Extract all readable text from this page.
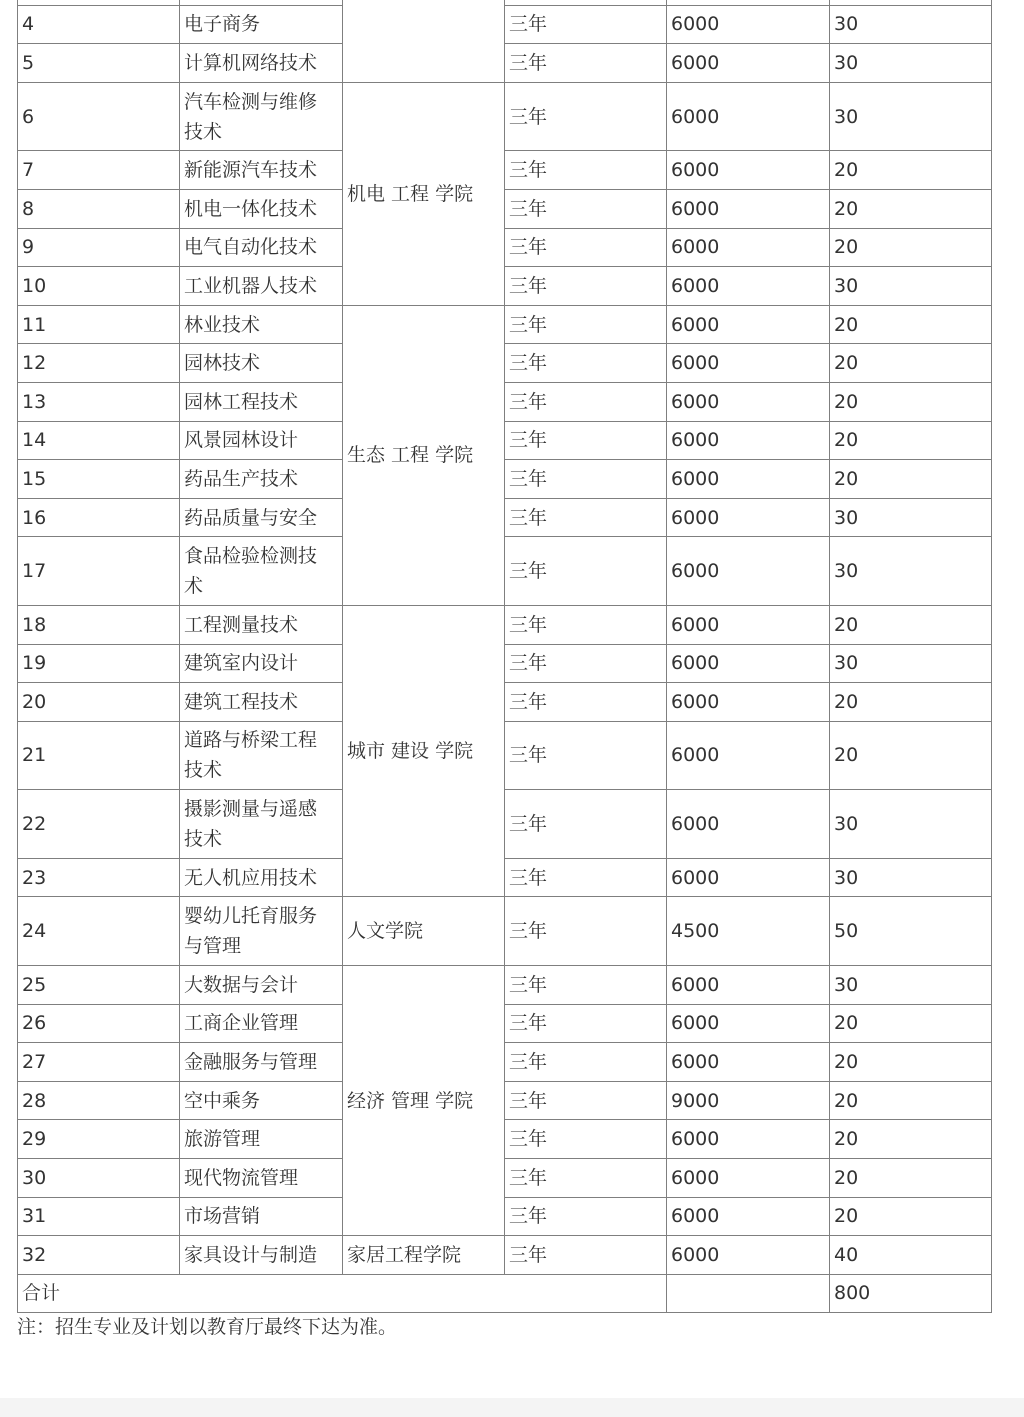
4	电子商务		三年	6000	30
5	计算机网络技术		三年	6000	30
6	汽车检测与维修技术	机电 工程 学院	三年	6000	30
7	新能源汽车技术		三年	6000	20
8	机电一体化技术		三年	6000	20
9	电气自动化技术		三年	6000	20
10	工业机器人技术		三年	6000	30
11	林业技术	生态 工程 学院	三年	6000	20
12	园林技术		三年	6000	20
13	园林工程技术		三年	6000	20
14	风景园林设计		三年	6000	20
15	药品生产技术		三年	6000	20
16	药品质量与安全		三年	6000	30
17	食品检验检测技术		三年	6000	30
18	工程测量技术	城市 建设 学院	三年	6000	20
19	建筑室内设计		三年	6000	30
20	建筑工程技术		三年	6000	20
21	道路与桥梁工程技术		三年	6000	20
22	摄影测量与遥感技术		三年	6000	30
23	无人机应用技术		三年	6000	30
24	婴幼儿托育服务与管理	人文学院	三年	4500	50
25	大数据与会计	经济 管理 学院	三年	6000	30
26	工商企业管理		三年	6000	20
27	金融服务与管理		三年	6000	20
28	空中乘务		三年	9000	20
29	旅游管理		三年	6000	20
30	现代物流管理		三年	6000	20
31	市场营销		三年	6000	20
32	家具设计与制造	家居工程学院	三年	6000	40
合计					800

注：招生专业及计划以教育厅最终下达为准。
